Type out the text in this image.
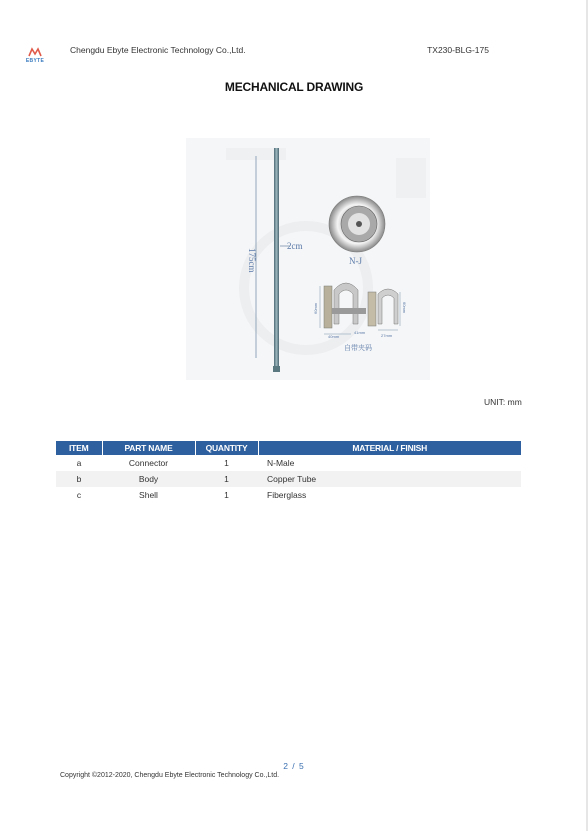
EBYTE
Chengdu Ebyte Electronic Technology Co.,Ltd.	TX230-BLG-175
MECHANICAL DRAWING
175cm
2cm
N-J
40mm
60mm	60mm
41mm
27mm
自带夹码
UNIT: mm
ITEM	PART NAME	QUANTITY	MATERIAL / FINISH
a	Connector	1	N-Male
b	Body	1	Copper Tube
c	Shell	1	Fiberglass
2 / 5
Copyright ©2012-2020, Chengdu Ebyte Electronic Technology Co.,Ltd.
